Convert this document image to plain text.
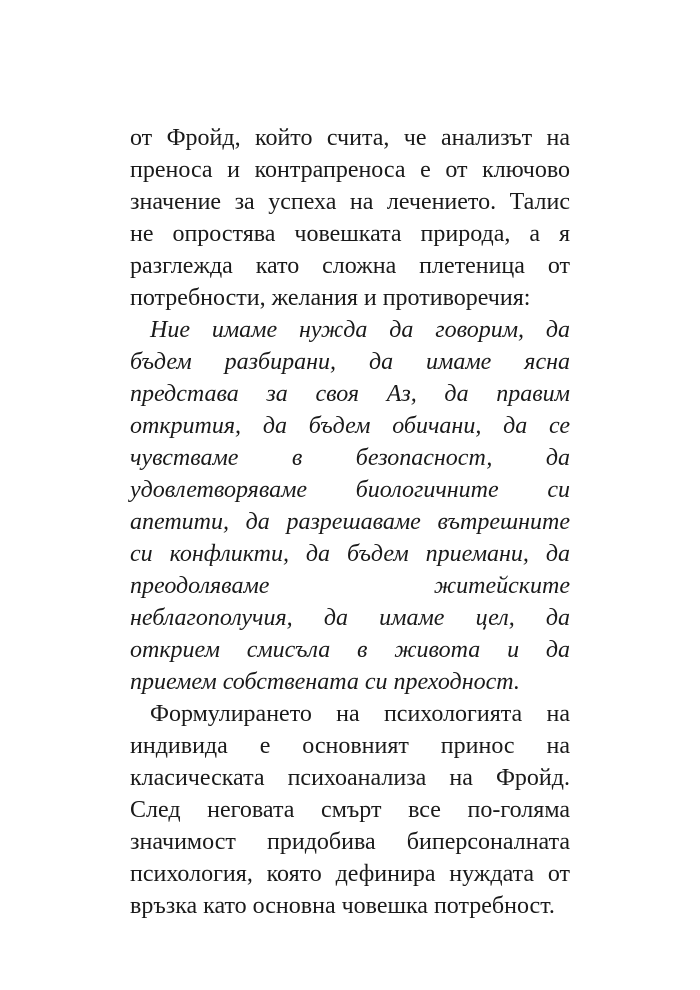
от Фройд, който счита, че анализът на
преноса и контрапреноса е от ключово
значение за успеха на лечението. Талис
не опростява човешката природа, а я
разглежда като сложна плетеница от
потребности, желания и противоречия:
Ние имаме нужда да говорим, да
бъдем разбирани, да имаме ясна
представа за своя Аз, да правим
открития, да бъдем обичани, да се
чувстваме в безопасност, да
удовлетворяваме биологичните си
апетити, да разрешаваме вътрешните
си конфликти, да бъдем приемани, да
преодоляваме житейските
неблагополучия, да имаме цел, да
открием смисъла в живота и да
приемем собствената си преходност.
Формулирането на психологията на
индивида е основният принос на
класическата психоанализа на Фройд.
След неговата смърт все по-голяма
значимост придобива биперсоналната
психология, която дефинира нуждата от
връзка като основна човешка потребност.
